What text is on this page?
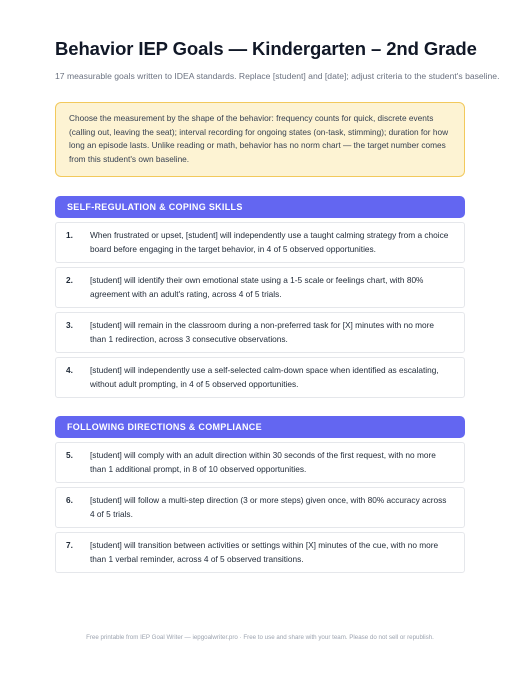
Behavior IEP Goals — Kindergarten – 2nd Grade
17 measurable goals written to IDEA standards. Replace [student] and [date]; adjust criteria to the student's baseline.
Choose the measurement by the shape of the behavior: frequency counts for quick, discrete events (calling out, leaving the seat); interval recording for ongoing states (on-task, stimming); duration for how long an episode lasts. Unlike reading or math, behavior has no norm chart — the target number comes from this student's own baseline.
SELF-REGULATION & COPING SKILLS
1.	When frustrated or upset, [student] will independently use a taught calming strategy from a choice board before engaging in the target behavior, in 4 of 5 observed opportunities.
2.	[student] will identify their own emotional state using a 1-5 scale or feelings chart, with 80% agreement with an adult's rating, across 4 of 5 trials.
3.	[student] will remain in the classroom during a non-preferred task for [X] minutes with no more than 1 redirection, across 3 consecutive observations.
4.	[student] will independently use a self-selected calm-down space when identified as escalating, without adult prompting, in 4 of 5 observed opportunities.
FOLLOWING DIRECTIONS & COMPLIANCE
5.	[student] will comply with an adult direction within 30 seconds of the first request, with no more than 1 additional prompt, in 8 of 10 observed opportunities.
6.	[student] will follow a multi-step direction (3 or more steps) given once, with 80% accuracy across 4 of 5 trials.
7.	[student] will transition between activities or settings within [X] minutes of the cue, with no more than 1 verbal reminder, across 4 of 5 observed transitions.
Free printable from IEP Goal Writer — iepgoalwriter.pro · Free to use and share with your team. Please do not sell or republish.
